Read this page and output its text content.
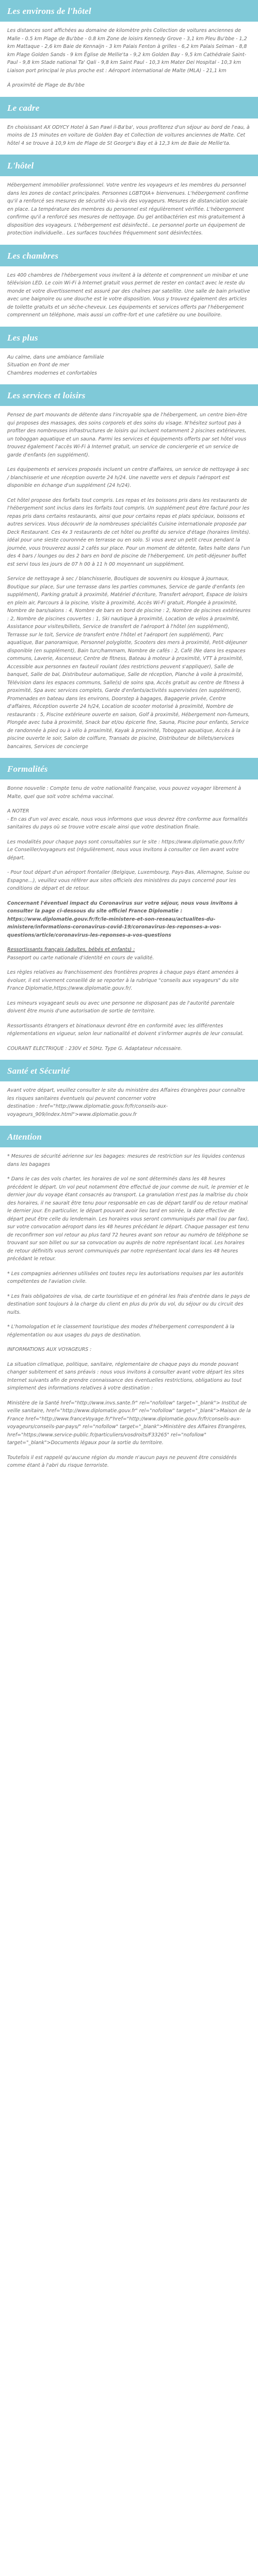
Les environs de l'hôtel

Les distances sont affichées au domaine de kilomètre près Collection de voitures anciennes de Malle - 0.5 km Plage de Bu'bbe - 0.8 km Zone de loisirs Kennedy Grove - 3,1 km Pleu Bu'bbe - 1,2 km Mattaque - 2,6 km Baie de Kennaijn - 3 km Palais Fenton à grilles - 6,2 km Palais Selman - 8,8 km Plage Golden Sands - 9 km Église de Mellie'ta - 9,2 km Golden Bay - 9,5 km Cathédrale Saint-Paul - 9,8 km Stade national Ta' Qali - 9,8 km Saint Paul - 10,3 km Mater Dei Hospital - 10,3 km Liaison port principal le plus proche est : Aéroport international de Malte (MLA) - 21,1 km

À proximité de Plage de Bu'bbe

Le cadre

En choisissant AX ODYCY Hotel à San Pawl il-Ba'ba', vous profiterez d'un séjour au bord de l'eau, à moins de 15 minutes en voiture de Golden Bay et Collection de voitures anciennes de Malte. Cet hôtel 4 se trouve à 10,9 km de Plage de St George's Bay et à 12,3 km de Baie de Mellie'ta.

L'hôtel

Hébergement immobilier professionnel. Votre ventre les voyageurs et les membres du personnel dans les zones de contact principales. Personnes LGBTQIA+ bienvenues. L'hébergement confirme qu'il a renforcé ses mesures de sécurité vis-à-vis des voyageurs. Mesures de distanciation sociale en place. La température des membres du personnel est régulièrement vérifiée. L'hébergement confirme qu'il a renforcé ses mesures de nettoyage. Du gel antibactérien est mis gratuitement à disposition des voyageurs. L'hébergement est désinfecté.. Le personnel porte un équipement de protection individuelle.. Les surfaces touchées fréquemment sont désinfectées.

Les chambres

Les 400 chambres de l'hébergement vous invitent à la détente et comprennent un minibar et une télévision LED. Le coin Wi-Fi à Internet gratuit vous permet de rester en contact avec le reste du monde et votre divertissement est assuré par des chaînes par satellite. Une salle de bain privative avec une baignoire ou une douche est le votre disposition. Vous y trouvez également des articles de toilette gratuits et un sèche-cheveux. Les équipements et services offerts par l'hébergement comprennent un téléphone, mais aussi un coffre-fort et une cafetière ou une bouilloire.

Les plus
Au calme, dans une ambiance familiale
Situation en front de mer
Chambres modernes et confortables
Les services et loisirs

Pensez de part mouvants de détente dans l'incroyable spa de l'hébergement, un centre bien-être qui proposes des massages, des soins corporels et des soins du visage. N'hésitez surtout pas à profiter des nombreuses infrastructures de loisirs qui incluent notamment 2 piscines extérieures, un toboggan aquatique et un sauna. Parmi les services et équipements offerts par set hôtel vous trouvez également l'accès Wi-Fi à Internet gratuit, un service de conciergerie et un service de garde d'enfants (en supplément).

Les équipements et services proposés incluent un centre d'affaires, un service de nettoyage à sec / blanchisserie et une réception ouverte 24 h/24. Une navette vers et depuis l'aéroport est disponible en échange d'un supplément (24 h/24).

Cet hôtel propose des forfaits tout compris. Les repas et les boissons pris dans les restaurants de l'hébergement sont inclus dans les forfaits tout compris. Un supplément peut être facturé pour les repas pris dans certains restaurants, ainsi que pour certains repas et plats spéciaux, boissons et autres services. Vous découvrir de la nombreuses spécialités Cuisine internationale proposée par Deck Restaurant. Ces 4x 3 restaurants de cet hôtel ou profité du service d'étage (horaires limités). idéal pour une sieste couronnée en terrasse ou en solo. Si vous avez un petit creux pendant la journée, vous trouverez aussi 2 cafés sur place. Pour un moment de détente, faites halte dans l'un des 4 bars / lounges ou des 2 bars en bord de piscine de l'hébergement. Un petit-déjeuner buffet est servi tous les jours de 07 h 00 à 11 h 00 moyennant un supplément.

Service de nettoyage à sec / blanchisserie, Boutiques de souvenirs ou kiosque à journaux, Boutique sur place, Sur une terrasse dans les parties communes, Service de garde d'enfants (en supplément), Parking gratuit à proximité, Matériel d'écriture, Transfert aéroport, Espace de loisirs en plein air, Parcours à la piscine, Visite à proximité, Accès Wi-Fi gratuit, Plongée à proximité, Nombre de bars/salons : 4, Nombre de bars en bord de piscine : 2, Nombre de piscines extérieures : 2, Nombre de piscines couvertes : 1, Ski nautique à proximité, Location de vélos à proximité, Assistance pour visites/billets, Service de transfert de l'aéroport à l'hôtel (en supplément), Terrasse sur le toit, Service de transfert entre l'hôtel et l'aéroport (en supplément), Parc aquatique, Bar panoramique, Personnel polyglotte, Scooters des mers à proximité, Petit-déjeuner disponible (en supplément), Bain turc/hammam, Nombre de cafés : 2, Café (Ne dans les espaces communs, Laverie, Ascenseur, Centre de fitness, Bateau à moteur à proximité, VTT à proximité, Accessible aux personnes en fauteuil roulant (des restrictions peuvent s'appliquer), Salle de banquet, Salle de bal, Distributeur automatique, Salle de réception, Planche à voile à proximité, Télévision dans les espaces communs, Salle(s) de soins spa, Accès gratuit au centre de fitness à proximité, Spa avec services complets, Garde d'enfants/activités supervisées (en supplément), Promenades en bateau dans les environs, Doorstep à bagages, Bagagerie privée, Centre d'affaires, Réception ouverte 24 h/24, Location de scooter motorisé à proximité, Nombre de restaurants : 5, Piscine extérieure ouverte en saison, Golf à proximité, Hébergement non-fumeurs, Plongée avec tuba à proximité, Snack bar et/ou épicerie fine, Sauna, Piscine pour enfants, Service de randonnée à pied ou à vélo à proximité, Kayak à proximité, Toboggan aquatique, Accès à la piscine ouverte le soir, Salon de coiffure, Transats de piscine, Distributeur de billets/services bancaires, Services de concierge

Formalités

Bonne nouvelle : Compte tenu de votre nationalité française, vous pouvez voyager librement à Malte, quel que soit votre schéma vaccinal.

A NOTER

- En cas d'un vol avec escale, nous vous informons que vous devrez être conforme aux formalités sanitaires du pays où se trouve votre escale ainsi que votre destination finale.

Les modalités pour chaque pays sont consultables sur le site : https://www.diplomatie.gouv.fr/fr/ Le Conseiller/voyageurs est (régulièrement, nous vous invitons à consulter ce lien avant votre départ.

- Pour tout départ d'un aéroport frontalier (Belgique, Luxembourg, Pays-Bas, Allemagne, Suisse ou Espagne...), veuillez vous référer aux sites officiels des ministères du pays concerné pour les conditions de départ et de retour.

Concernant l'éventuel impact du Coronavirus sur votre séjour, nous vous invitons à consulter la page ci-dessous du site officiel France Diplomatie : https://www.diplomatie.gouv.fr/fr/le-ministere-et-son-reseau/actualites-du-ministere/informations-coronavirus-covid-19/coronavirus-les-reponses-a-vos-questions/article/coronavirus-les-reponses-a-vos-questions

Ressortissants français (adultes, bébés et enfants) :

Passeport ou carte nationale d'identité en cours de validité.

Les règles relatives au franchissement des frontières propres à chaque pays étant amenées à évoluer, il est vivement conseillé de se reporter à la rubrique "conseils aux voyageurs" du site France Diplomatie,https://www.diplomatie.gouv.fr/.

Les mineurs voyageant seuls ou avec une personne ne disposant pas de l'autorité parentale doivent être munis d'une autorisation de sortie de territoire.

Ressortissants étrangers et binationaux devront être en conformité avec les différentes réglementations en vigueur, selon leur nationalité et doivent s'informer auprès de leur consulat.

COURANT ELECTRIQUE : 230V et 50Hz. Type G. Adaptateur nécessaire.

Santé et Sécurité
Avant votre départ, veuillez consulter le site du ministère des Affaires étrangères pour connaître les risques sanitaires éventuels qui peuvent concerner votre

destination : href="http://www.diplomatie.gouv.fr/fr/conseils-aux-voyageurs_909/index.html">www.diplomatie.gouv.fr

Attention

* Mesures de sécurité aérienne sur les bagages: mesures de restriction sur les liquides contenus dans les bagages

* Dans le cas des vols charter, les horaires de vol ne sont déterminés dans les 48 heures précédent le départ. Un vol peut notamment être effectué de jour comme de nuit, le premier et le dernier jour du voyage étant consacrés au transport. La granulation n'est pas la maîtrise du choix des horaires, il ne saurait être tenu pour responsable en cas de départ tardif ou de retour matinal le dernier jour. En particulier, le départ pouvant avoir lieu tard en soirée, la date effective de départ peut être celle du lendemain. Les horaires vous seront communiqués par mail (ou par fax), sur votre convocation aéroport dans les 48 heures précédant le départ. Chaque passager est tenu de reconfirmer son vol retour au plus tard 72 heures avant son retour au numéro de téléphone se trouvant sur son billet ou sur sa convocation ou auprès de notre représentant local. Les horaires de retour définitifs vous seront communiqués par notre représentant local dans les 48 heures précédant le retour.

* Les compagnies aériennes utilisées ont toutes reçu les autorisations requises par les autorités compétentes de l'aviation civile.

* Les frais obligatoires de visa, de carte touristique et en général les frais d'entrée dans le pays de destination sont toujours à la charge du client en plus du prix du vol, du séjour ou du circuit des nuits.

* L'homologation et le classement touristique des modes d'hébergement correspondent à la réglementation ou aux usages du pays de destination.

INFORMATIONS AUX VOYAGEURS :

La situation climatique, politique, sanitaire, réglementaire de chaque pays du monde pouvant changer subitement et sans préavis : nous vous invitons à consulter avant votre départ les sites Internet suivants afin de prendre connaissance des éventuelles restrictions, obligations au tout simplement des informations relatives à votre destination :

Ministère de la Santé href="http://www.invs.sante.fr" rel="nofollow" target="_blank"> Institut de veille sanitaire, href="http://www.diplomatie.gouv.fr" rel="nofollow" target="_blank">Maison de la France href="http://www.franceVoyage.fr/"href="http://www.diplomatie.gouv.fr/fr/conseils-aux-voyageurs/conseils-par-pays/" rel="nofollow" target="_blank">Ministère des Affaires Etrangères, href="https://www.service-public.fr/particuliers/vosdroits/F33265" rel="nofollow" target="_blank">Documents légaux pour la sortie du territoire.

Toutefois il est rappelé qu'aucune région du monde n'aucun pays ne peuvent être considérés comme étant à l'abri du risque terroriste.
